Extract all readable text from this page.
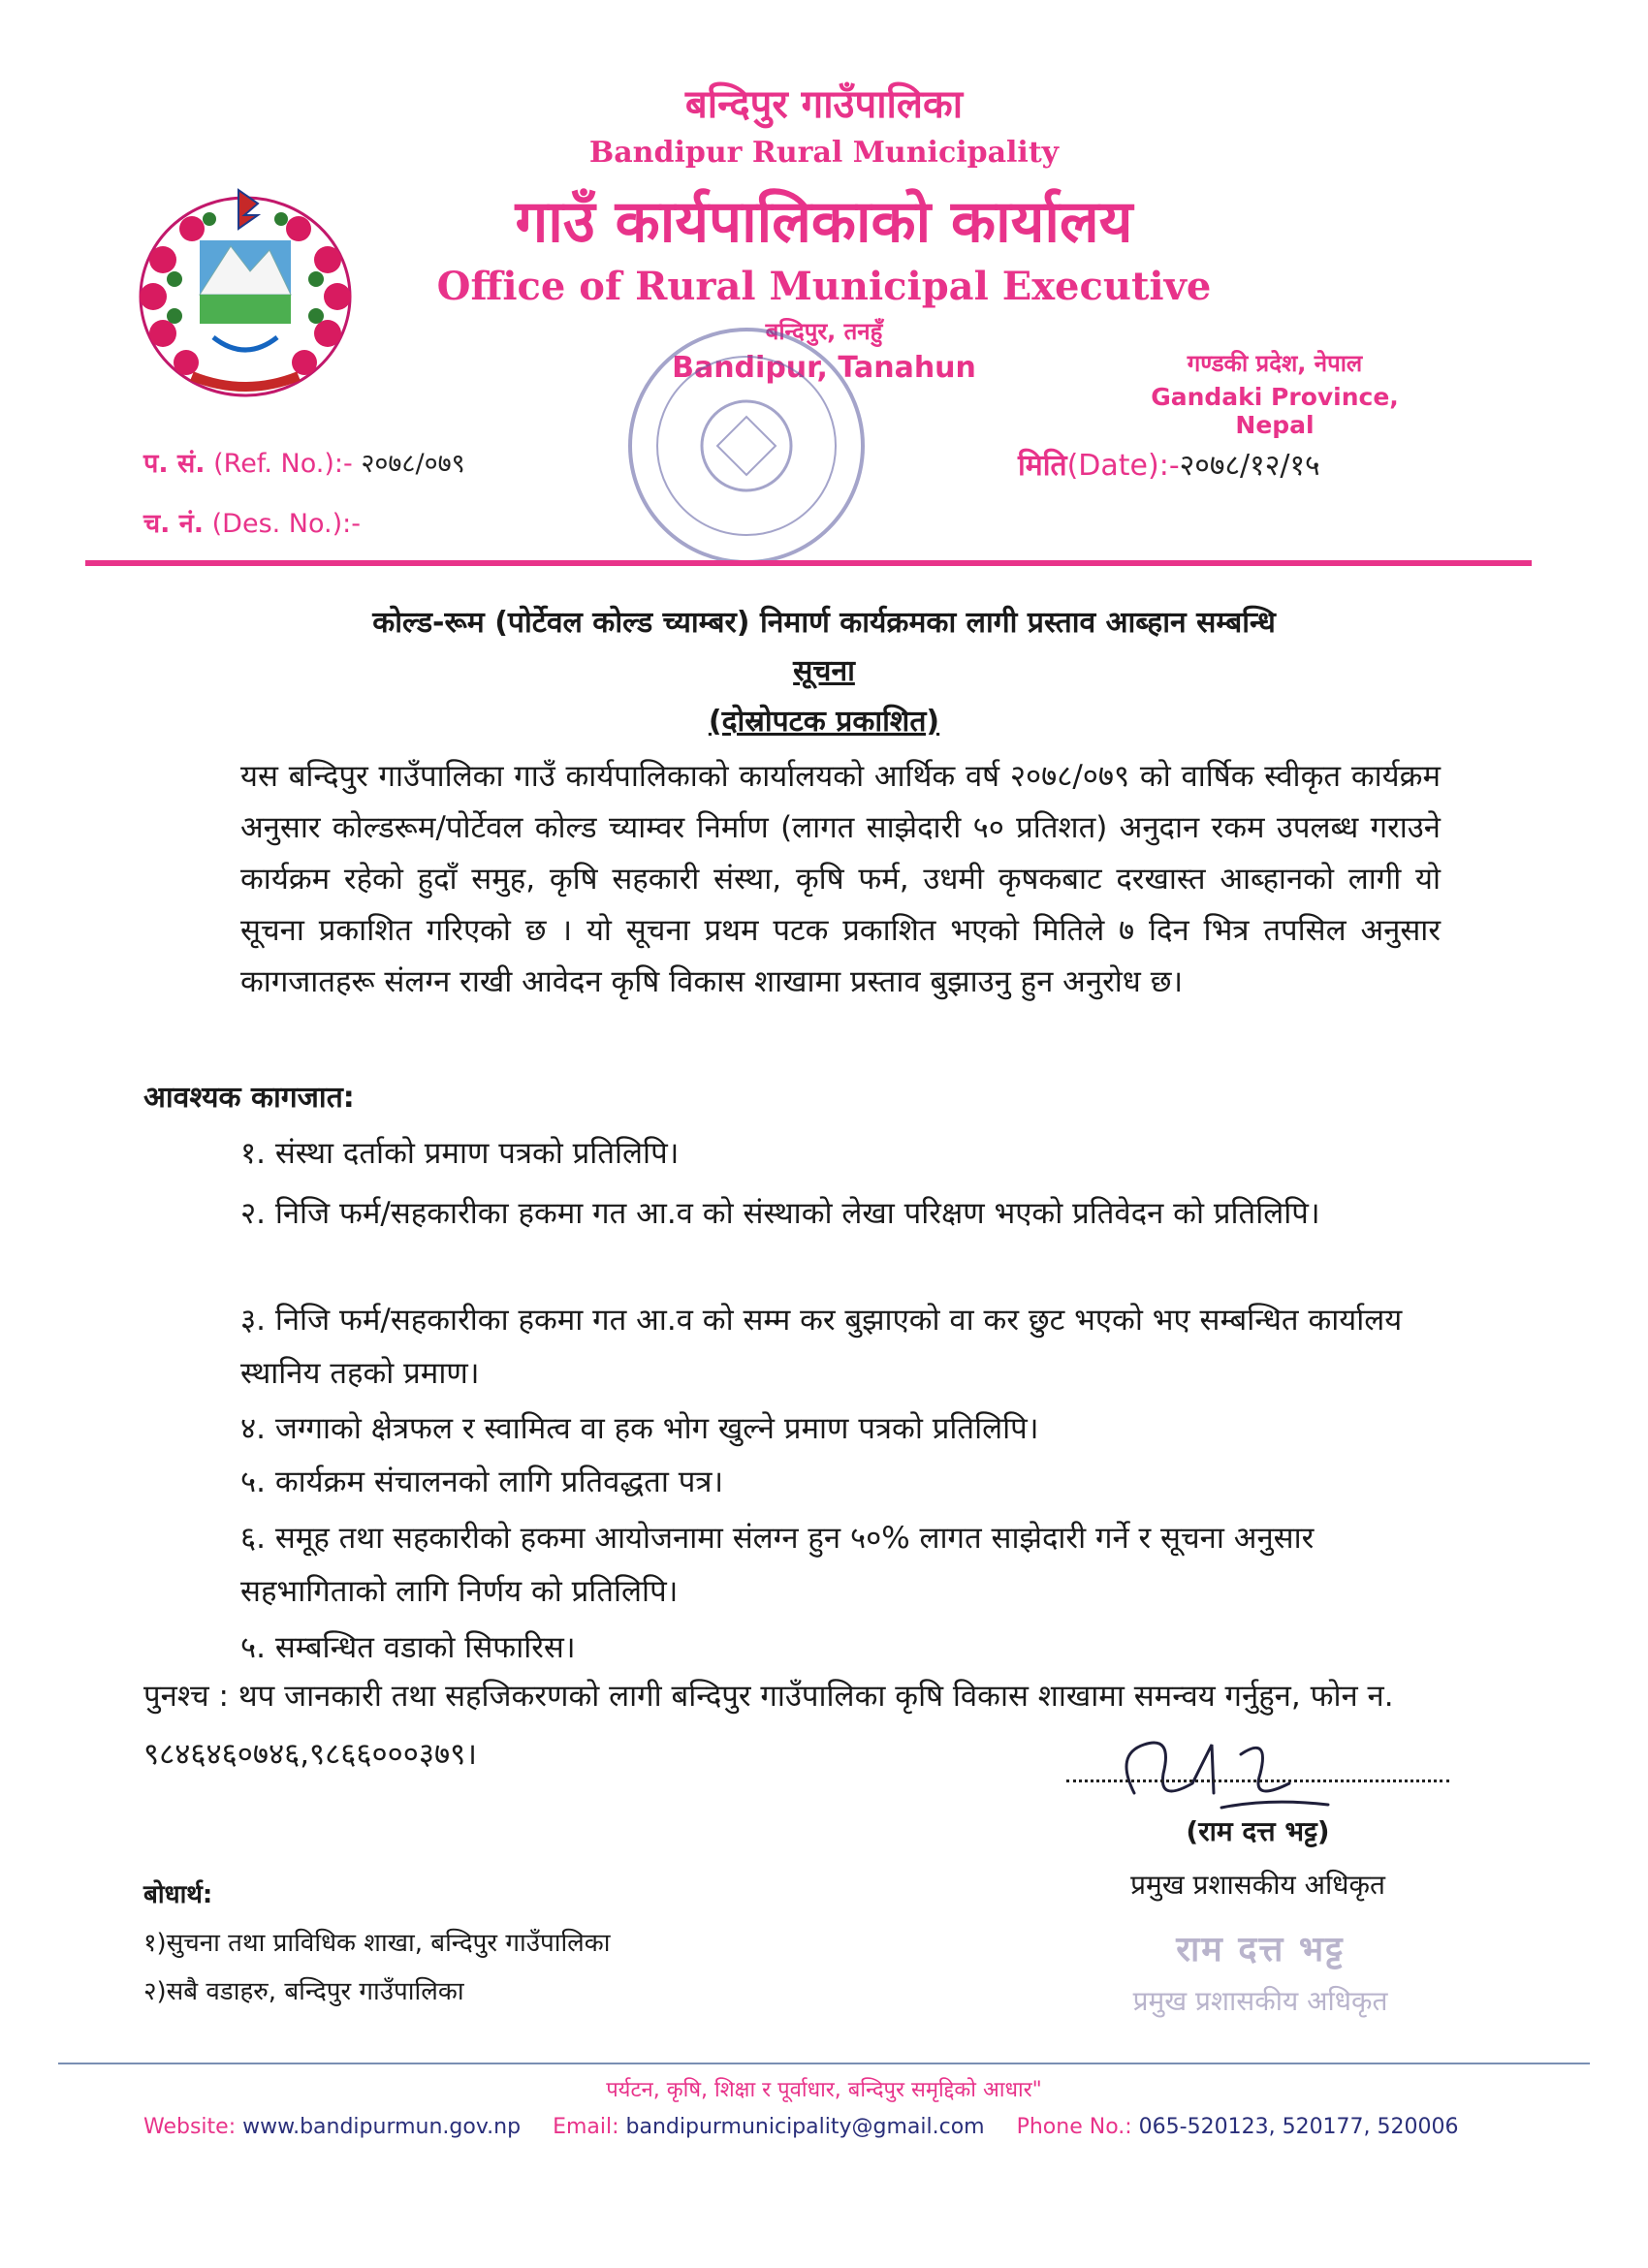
बन्दिपुर गाउँपालिका
Bandipur Rural Municipality
गाउँ कार्यपालिकाको कार्यालय
Office of Rural Municipal Executive
बन्दिपुर, तनहुँ
Bandipur, Tanahun	गण्डकी प्रदेश, नेपाल
Gandaki Province, Nepal
प. सं. (Ref. No.):- २०७८/०७९
च. नं. (Des. No.):-
मिति(Date):-२०७८/१२/१५
कोल्ड-रूम (पोर्टेवल कोल्ड च्याम्बर) निमार्ण कार्यक्रमका लागी प्रस्ताव आब्हान सम्बन्धि
सूचना
(दोस्रोपटक प्रकाशित)
यस बन्दिपुर गाउँपालिका गाउँ कार्यपालिकाको कार्यालयको आर्थिक वर्ष २०७८/०७९ को वार्षिक स्वीकृत कार्यक्रम अनुसार कोल्डरूम/पोर्टेवल कोल्ड च्याम्वर निर्माण (लागत साझेदारी ५० प्रतिशत) अनुदान रकम उपलब्ध गराउने कार्यक्रम रहेको हुदाँ समुह, कृषि सहकारी संस्था, कृषि फर्म, उधमी कृषकबाट दरखास्त आब्हानको लागी यो सूचना प्रकाशित गरिएको छ । यो सूचना प्रथम पटक प्रकाशित भएको मितिले ७ दिन भित्र तपसिल अनुसार कागजातहरू संलग्न राखी आवेदन कृषि विकास शाखामा प्रस्ताव बुझाउनु हुन अनुरोध छ।
आवश्यक कागजात:
१. संस्था दर्ताको प्रमाण पत्रको प्रतिलिपि।
२. निजि फर्म/सहकारीका हकमा गत आ.व को संस्थाको लेखा परिक्षण भएको प्रतिवेदन को प्रतिलिपि।
३. निजि फर्म/सहकारीका हकमा गत आ.व को सम्म कर बुझाएको वा कर छुट भएको भए सम्बन्धित कार्यालय स्थानिय तहको प्रमाण।
४. जग्गाको क्षेत्रफल र स्वामित्व वा हक भोग खुल्ने प्रमाण पत्रको प्रतिलिपि।
५. कार्यक्रम संचालनको लागि प्रतिवद्धता पत्र।
६. समूह तथा सहकारीको हकमा आयोजनामा संलग्न हुन ५०% लागत साझेदारी गर्ने र सूचना अनुसार सहभागिताको लागि निर्णय को प्रतिलिपि।
५. सम्बन्धित वडाको सिफारिस।
पुनश्च : थप जानकारी तथा सहजिकरणको लागी बन्दिपुर गाउँपालिका कृषि विकास शाखामा समन्वय गर्नुहुन, फोन न. ९८४६४६०७४६,९८६६०००३७९।
(राम दत्त भट्ट)
प्रमुख प्रशासकीय अधिकृत
राम दत्त भट्ट
प्रमुख प्रशासकीय अधिकृत
बोधार्थ:
१)सुचना तथा प्राविधिक शाखा, बन्दिपुर गाउँपालिका
२)सबै वडाहरु, बन्दिपुर गाउँपालिका
पर्यटन, कृषि, शिक्षा र पूर्वाधार, बन्दिपुर समृद्दिको आधार"
Website: www.bandipurmun.gov.np Email: bandipurmunicipality@gmail.com Phone No.: 065-520123, 520177, 520006
